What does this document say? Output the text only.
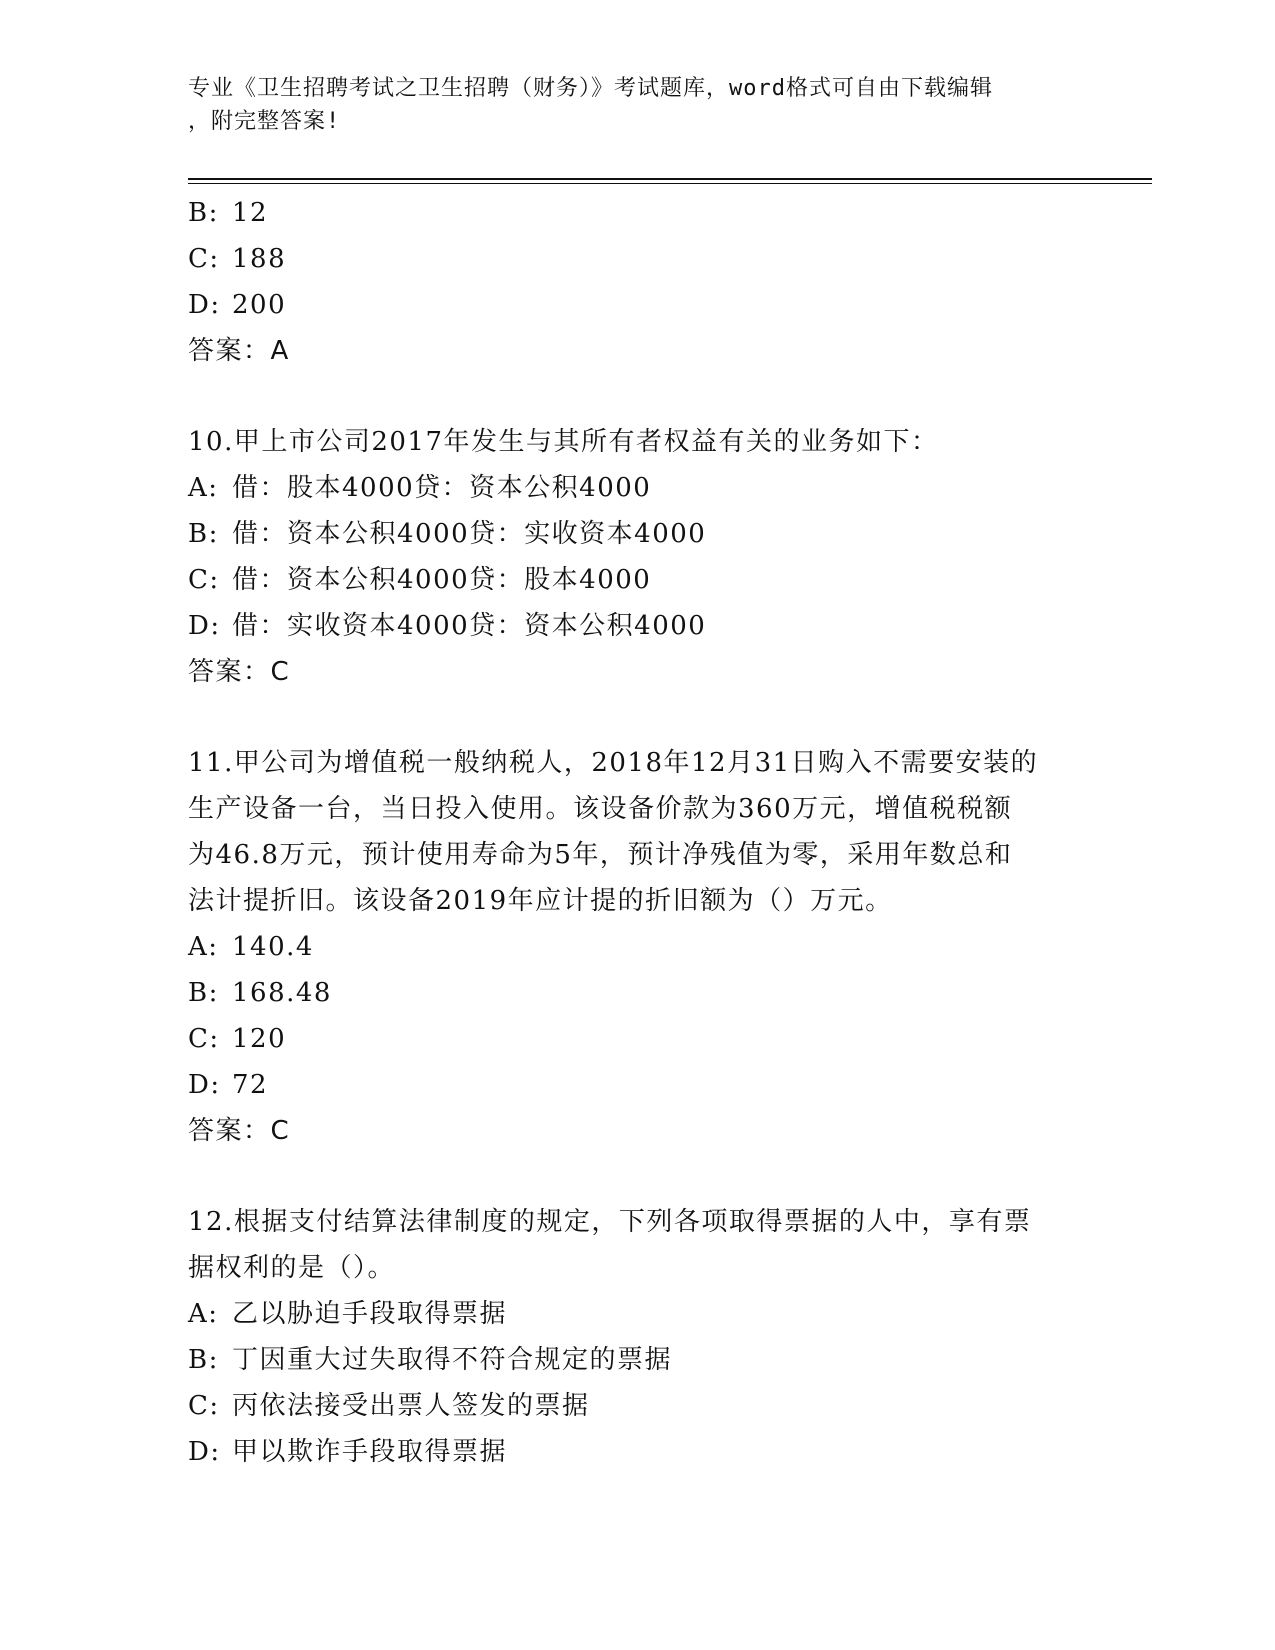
专业《卫生招聘考试之卫生招聘（财务）》考试题库，word格式可自由下载编辑
，附完整答案!
B: 12
C: 188
D: 200
答案：A
10.甲上市公司2017年发生与其所有者权益有关的业务如下：
A: 借：股本4000贷：资本公积4000
B: 借：资本公积4000贷：实收资本4000
C: 借：资本公积4000贷：股本4000
D: 借：实收资本4000贷：资本公积4000
答案：C
11.甲公司为增值税一般纳税人，2018年12月31日购入不需要安装的
生产设备一台，当日投入使用。该设备价款为360万元，增值税税额
为46.8万元，预计使用寿命为5年，预计净残值为零，采用年数总和
法计提折旧。该设备2019年应计提的折旧额为（）万元。
A: 140.4
B: 168.48
C: 120
D: 72
答案：C
12.根据支付结算法律制度的规定，下列各项取得票据的人中，享有票
据权利的是（）。
A: 乙以胁迫手段取得票据
B: 丁因重大过失取得不符合规定的票据
C: 丙依法接受出票人签发的票据
D: 甲以欺诈手段取得票据
